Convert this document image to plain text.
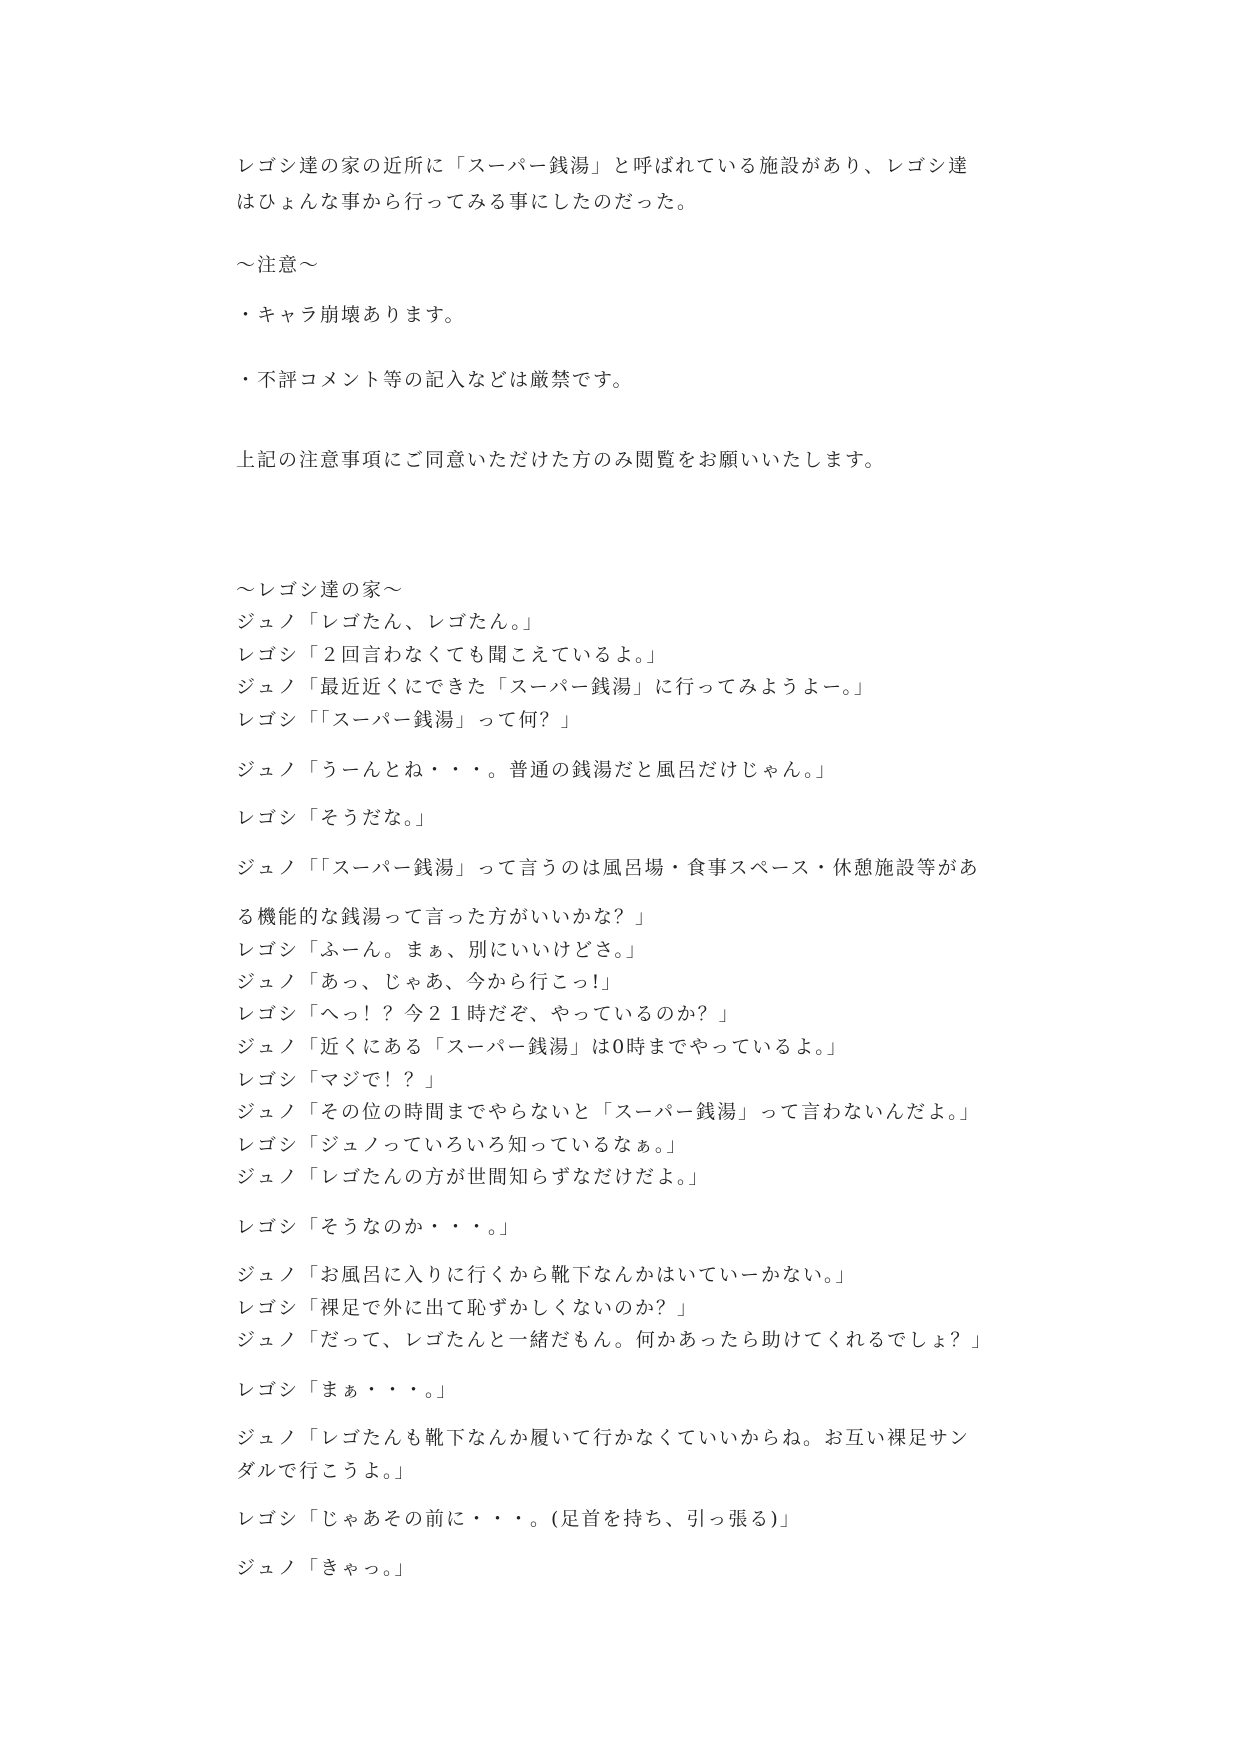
レゴシ達の家の近所に「スーパー銭湯」と呼ばれている施設があり、レゴシ達
はひょんな事から行ってみる事にしたのだった。
〜注意〜
・キャラ崩壊あります。
・不評コメント等の記入などは厳禁です。
上記の注意事項にご同意いただけた方のみ閲覧をお願いいたします。
〜レゴシ達の家〜
ジュノ「レゴたん、レゴたん。」
レゴシ「２回言わなくても聞こえているよ。」
ジュノ「最近近くにできた「スーパー銭湯」に行ってみようよー。」
レゴシ「「スーパー銭湯」って何？」
ジュノ「うーんとね・・・。普通の銭湯だと風呂だけじゃん。」
レゴシ「そうだな。」
ジュノ「「スーパー銭湯」って言うのは風呂場・食事スペース・休憩施設等があ
る機能的な銭湯って言った方がいいかな？」
レゴシ「ふーん。まぁ、別にいいけどさ。」
ジュノ「あっ、じゃあ、今から行こっ!」
レゴシ「へっ！？今２１時だぞ、やっているのか？」
ジュノ「近くにある「スーパー銭湯」は0時までやっているよ。」
レゴシ「マジで！？」
ジュノ「その位の時間までやらないと「スーパー銭湯」って言わないんだよ。」
レゴシ「ジュノっていろいろ知っているなぁ。」
ジュノ「レゴたんの方が世間知らずなだけだよ。」
レゴシ「そうなのか・・・。」
ジュノ「お風呂に入りに行くから靴下なんかはいていーかない。」
レゴシ「裸足で外に出て恥ずかしくないのか？」
ジュノ「だって、レゴたんと一緒だもん。何かあったら助けてくれるでしょ？」
レゴシ「まぁ・・・。」
ジュノ「レゴたんも靴下なんか履いて行かなくていいからね。お互い裸足サン
ダルで行こうよ。」
レゴシ「じゃあその前に・・・。(足首を持ち、引っ張る)」
ジュノ「きゃっ。」
